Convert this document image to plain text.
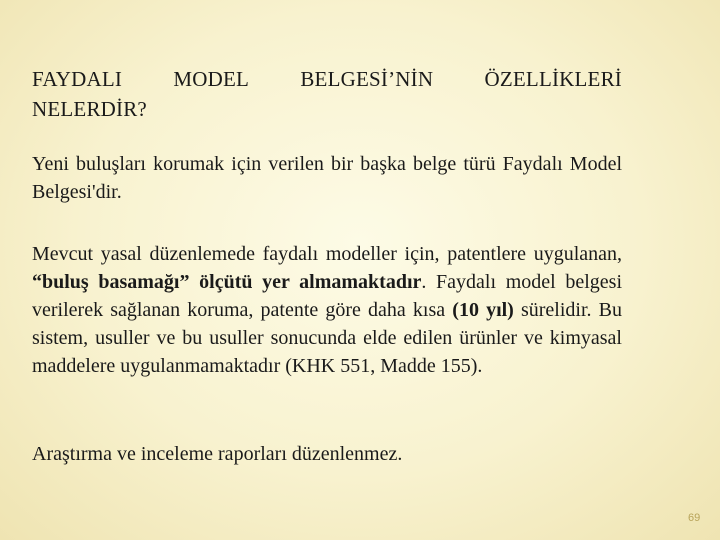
FAYDALI MODEL BELGESİ’NİN ÖZELLİKLERİ
NELERDİR?
Yeni buluşları korumak için verilen bir başka belge türü Faydalı Model Belgesi'dir.
Mevcut yasal düzenlemede faydalı modeller için, patentlere uygulanan, “buluş basamağı” ölçütü yer almamaktadır. Faydalı model belgesi verilerek sağlanan koruma, patente göre daha kısa (10 yıl) sürelidir. Bu sistem, usuller ve bu usuller sonucunda elde edilen ürünler ve kimyasal maddelere uygulanmamaktadır (KHK 551, Madde 155).
Araştırma ve inceleme raporları düzenlenmez.
69
